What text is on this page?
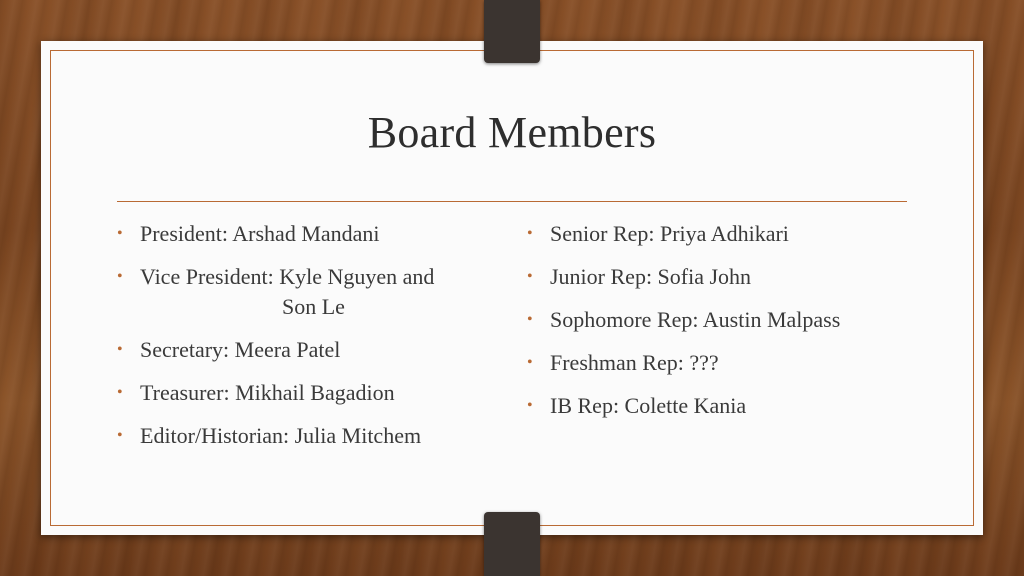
Board Members
• President: Arshad Mandani
• Vice President: Kyle Nguyen and
Son Le
• Secretary: Meera Patel
• Treasurer: Mikhail Bagadion
• Editor/Historian: Julia Mitchem
• Senior Rep: Priya Adhikari
• Junior Rep: Sofia John
• Sophomore Rep: Austin Malpass
• Freshman Rep: ???
• IB Rep: Colette Kania
